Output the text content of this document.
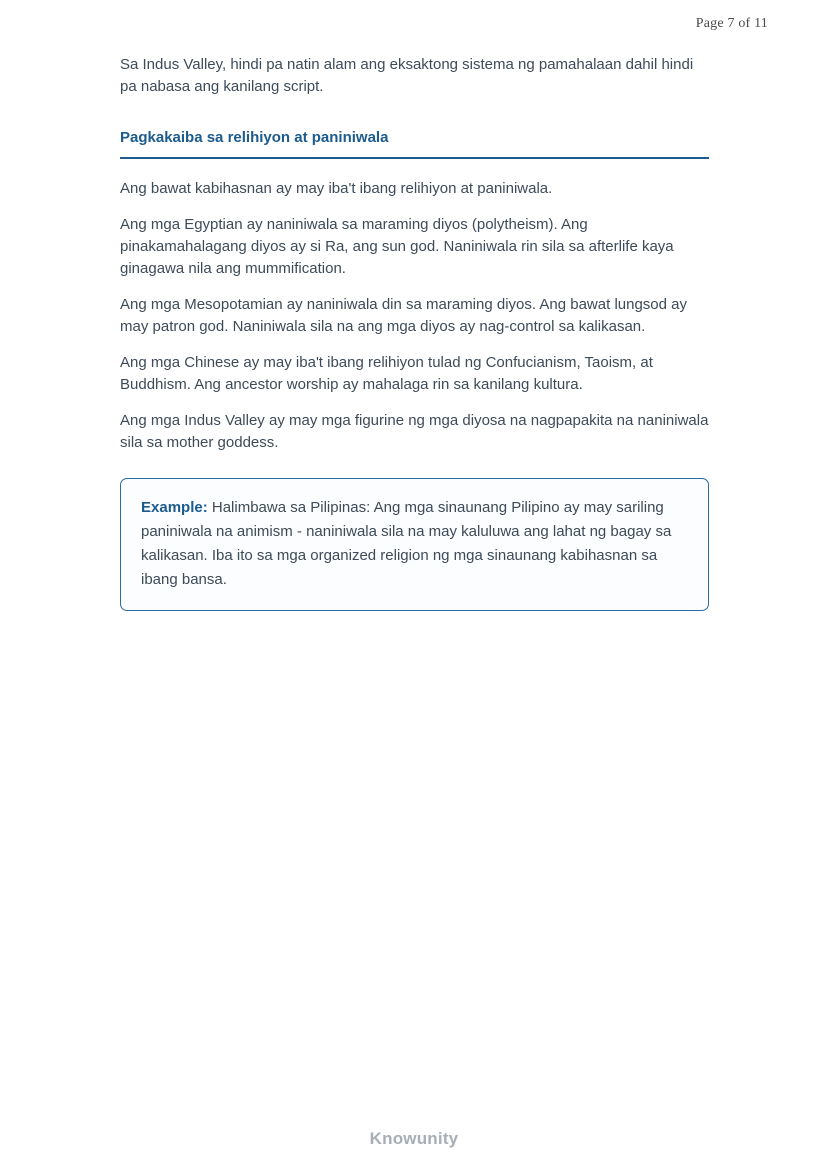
Page 7 of 11

Sa Indus Valley, hindi pa natin alam ang eksaktong sistema ng pamahalaan dahil hindi pa nabasa ang kanilang script.

Pagkakaiba sa relihiyon at paniniwala

Ang bawat kabihasnan ay may iba't ibang relihiyon at paniniwala.

Ang mga Egyptian ay naniniwala sa maraming diyos (polytheism). Ang pinakamahalagang diyos ay si Ra, ang sun god. Naniniwala rin sila sa afterlife kaya ginagawa nila ang mummification.

Ang mga Mesopotamian ay naniniwala din sa maraming diyos. Ang bawat lungsod ay may patron god. Naniniwala sila na ang mga diyos ay nag-control sa kalikasan.

Ang mga Chinese ay may iba't ibang relihiyon tulad ng Confucianism, Taoism, at Buddhism. Ang ancestor worship ay mahalaga rin sa kanilang kultura.

Ang mga Indus Valley ay may mga figurine ng mga diyosa na nagpapakita na naniniwala sila sa mother goddess.

Example: Halimbawa sa Pilipinas: Ang mga sinaunang Pilipino ay may sariling paniniwala na animism - naniniwala sila na may kaluluwa ang lahat ng bagay sa kalikasan. Iba ito sa mga organized religion ng mga sinaunang kabihasnan sa ibang bansa.

Knowunity
